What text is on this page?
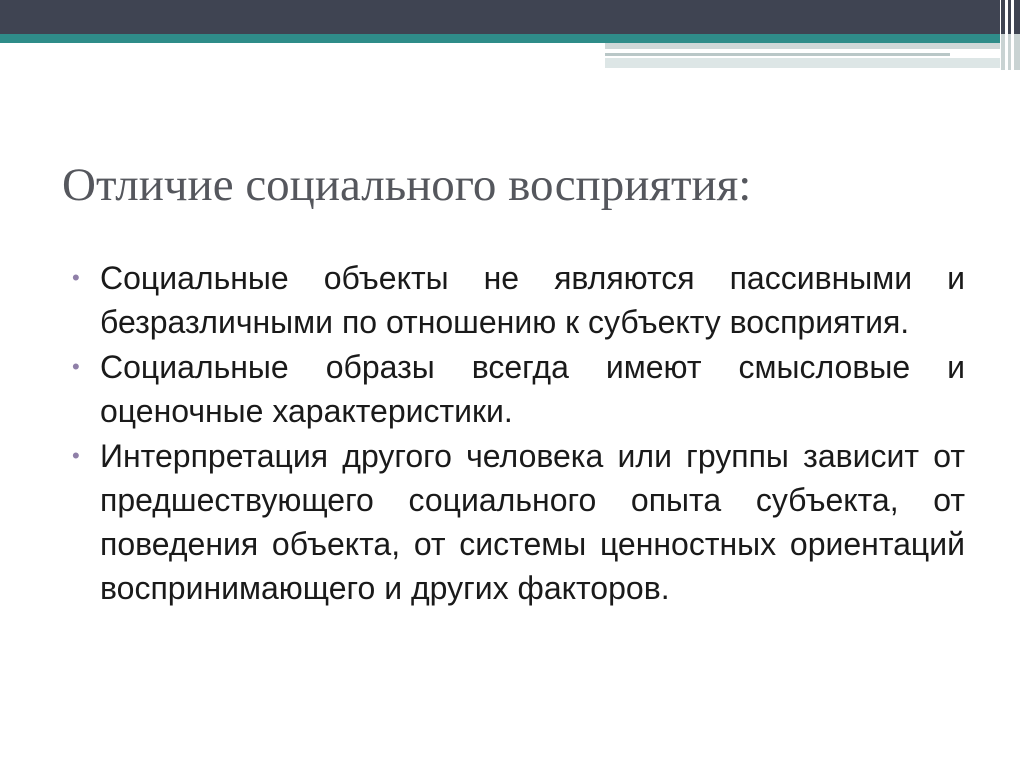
Отличие социального восприятия:
• Социальные объекты не являются пассивными и безразличными по отношению к субъекту восприятия.
• Социальные образы всегда имеют смысловые и оценочные характеристики.
• Интерпретация другого человека или группы зависит от предшествующего социального опыта субъекта, от поведения объекта, от системы ценностных ориентаций воспринимающего и других факторов.
